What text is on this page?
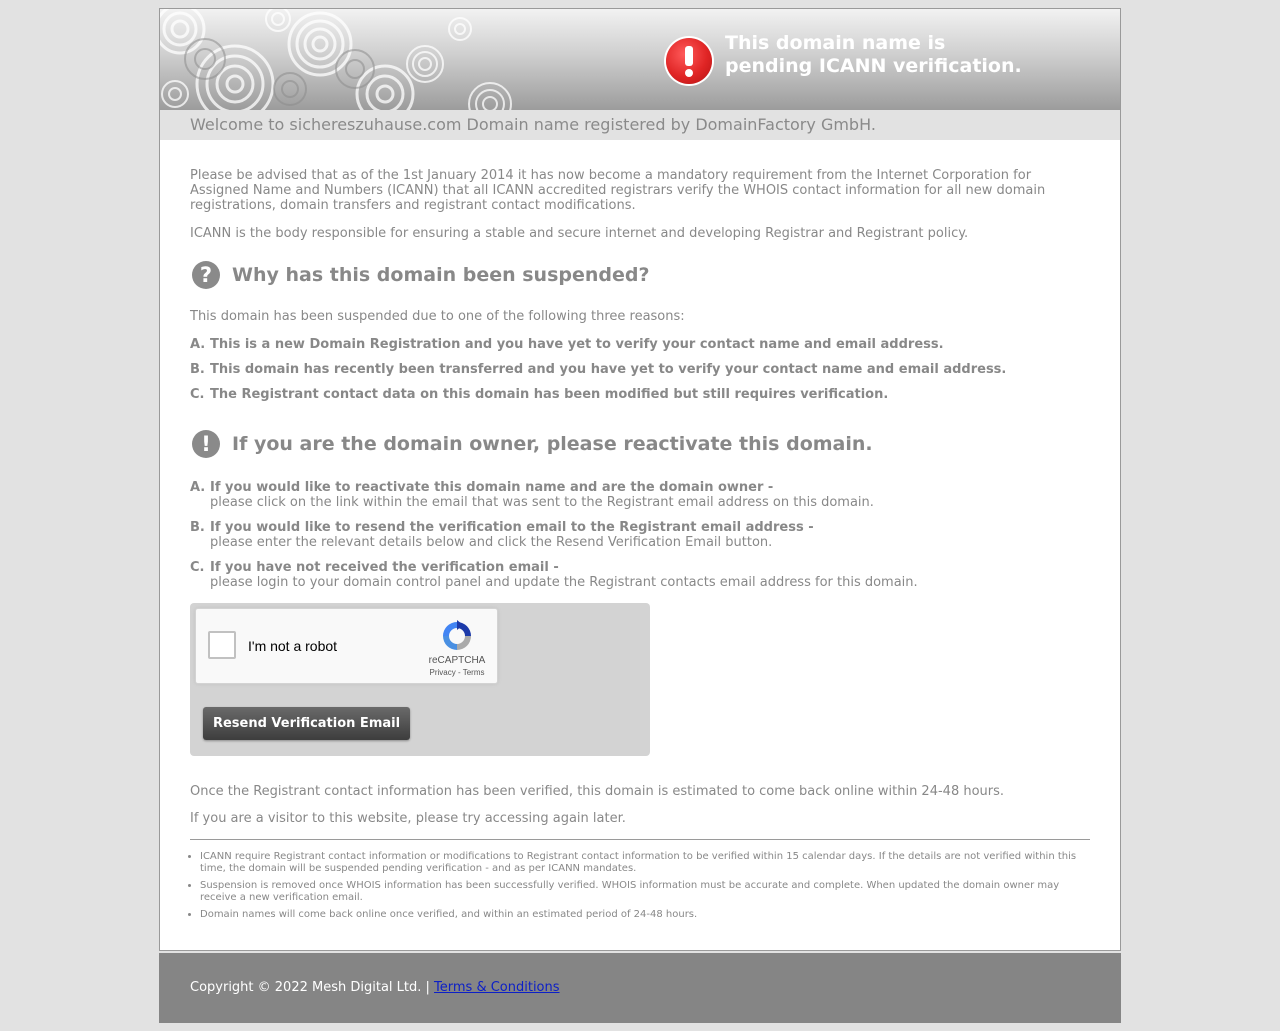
This domain name is
pending ICANN verification.
Welcome to sichereszuhause.com Domain name registered by DomainFactory GmbH.

Please be advised that as of the 1st January 2014 it has now become a mandatory requirement from the Internet Corporation for Assigned Name and Numbers (ICANN) that all ICANN accredited registrars verify the WHOIS contact information for all new domain registrations, domain transfers and registrant contact modifications.

ICANN is the body responsible for ensuring a stable and secure internet and developing Registrar and Registrant policy.

?	Why has this domain been suspended?

This domain has been suspended due to one of the following three reasons:

A. This is a new Domain Registration and you have yet to verify your contact name and email address.
B. This domain has recently been transferred and you have yet to verify your contact name and email address.
C. The Registrant contact data on this domain has been modified but still requires verification.
!	If you are the domain owner, please reactivate this domain.
A. If you would like to reactivate this domain name and are the domain owner -
please click on the link within the email that was sent to the Registrant email address on this domain.
B. If you would like to resend the verification email to the Registrant email address -
please enter the relevant details below and click the Resend Verification Email button.
C. If you have not received the verification email -
please login to your domain control panel and update the Registrant contacts email address for this domain.
I'm not a robot
reCAPTCHA
Privacy - Terms
Resend Verification Email

Once the Registrant contact information has been verified, this domain is estimated to come back online within 24-48 hours.

If you are a visitor to this website, please try accessing again later.

• ICANN require Registrant contact information or modifications to Registrant contact information to be verified within 15 calendar days. If the details are not verified within this time, the domain will be suspended pending verification - and as per ICANN mandates.
• Suspension is removed once WHOIS information has been successfully verified. WHOIS information must be accurate and complete. When updated the domain owner may receive a new verification email.
• Domain names will come back online once verified, and within an estimated period of 24-48 hours.
Copyright © 2022 Mesh Digital Ltd. | Terms & Conditions
